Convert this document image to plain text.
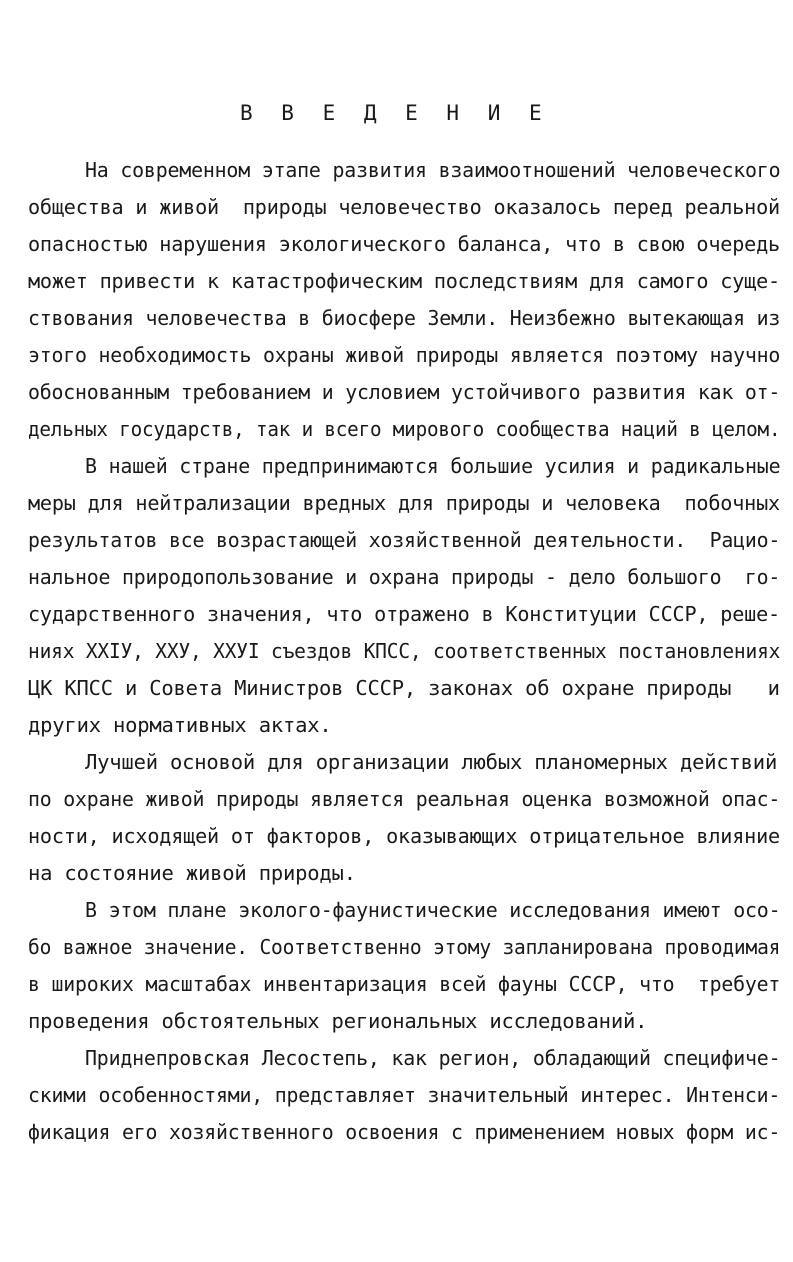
В В Е Д Е Н И Е
На современном этапе развития взаимоотношений человеческого
общества и живой  природы человечество оказалось перед реальной
опасностью нарушения экологического баланса, что в свою очередь
может привести к катастрофическим последствиям для самого суще-
ствования человечества в биосфере Земли. Неизбежно вытекающая из
этого необходимость охраны живой природы является поэтому научно
обоснованным требованием и условием устойчивого развития как от-
дельных государств, так и всего мирового сообщества наций в целом.
В нашей стране предпринимаются большие усилия и радикальные
меры для нейтрализации вредных для природы и человека  побочных
результатов все возрастающей хозяйственной деятельности.  Рацио-
нальное природопользование и охрана природы - дело большого  го-
сударственного значения, что отражено в Конституции СССР, реше-
ниях ХХIУ, ХХУ, ХХУI съездов КПСС, соответственных постановлениях
ЦК КПСС и Совета Министров СССР, законах об охране природы   и
других нормативных актах.
Лучшей основой для организации любых планомерных действий
по охране живой природы является реальная оценка возможной опас-
ности, исходящей от факторов, оказывающих отрицательное влияние
на состояние живой природы.
В этом плане эколого-фаунистические исследования имеют осо-
бо важное значение. Соответственно этому запланирована проводимая
в широких масштабах инвентаризация всей фауны СССР, что  требует
проведения обстоятельных региональных исследований.
Приднепровская Лесостепь, как регион, обладающий специфиче-
скими особенностями, представляет значительный интерес. Интенси-
фикация его хозяйственного освоения с применением новых форм ис-
